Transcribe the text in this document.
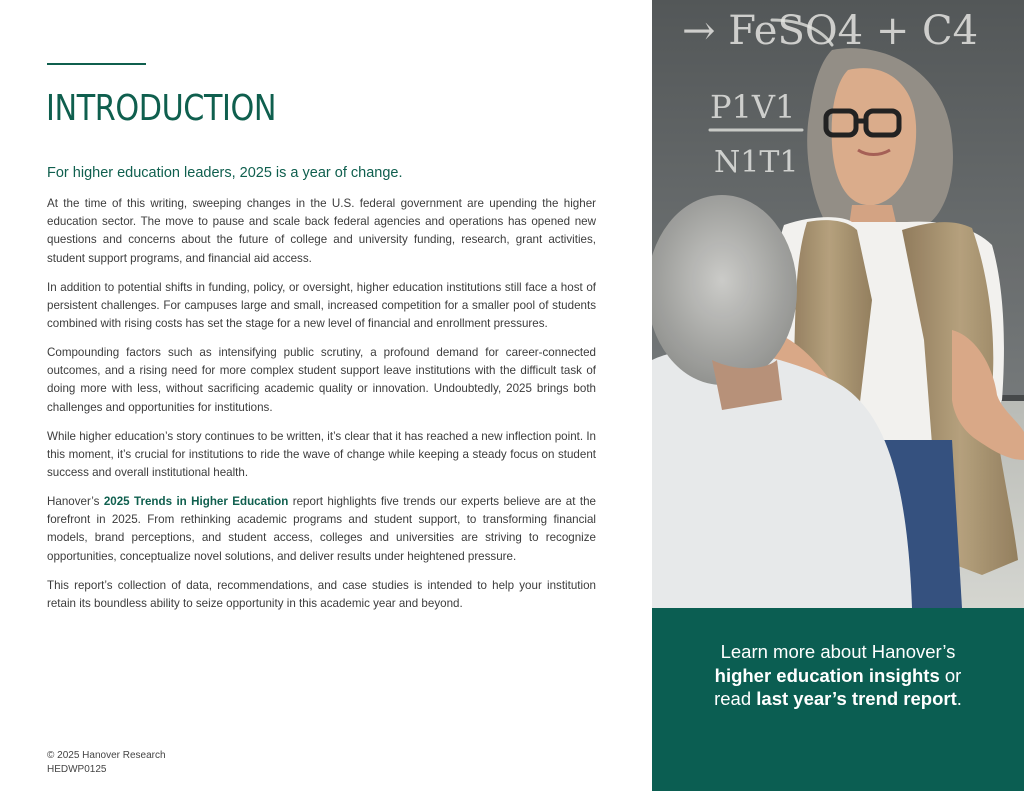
INTRODUCTION

For higher education leaders, 2025 is a year of change.

At the time of this writing, sweeping changes in the U.S. federal government are upending the higher education sector. The move to pause and scale back federal agencies and operations has opened new questions and concerns about the future of college and university funding, research, grant activities, student support programs, and financial aid access.

In addition to potential shifts in funding, policy, or oversight, higher education institutions still face a host of persistent challenges. For campuses large and small, increased competition for a smaller pool of students combined with rising costs has set the stage for a new level of financial and enrollment pressures.

Compounding factors such as intensifying public scrutiny, a profound demand for career-connected outcomes, and a rising need for more complex student support leave institutions with the difficult task of doing more with less, without sacrificing academic quality or innovation. Undoubtedly, 2025 brings both challenges and opportunities for institutions.

While higher education’s story continues to be written, it’s clear that it has reached a new inflection point. In this moment, it’s crucial for institutions to ride the wave of change while keeping a steady focus on student success and overall institutional health.

Hanover’s 2025 Trends in Higher Education report highlights five trends our experts believe are at the forefront in 2025. From rethinking academic programs and student support, to transforming financial models, brand perceptions, and student access, colleges and universities are striving to recognize opportunities, conceptualize novel solutions, and deliver results under heightened pressure.

This report’s collection of data, recommendations, and case studies is intended to help your institution retain its boundless ability to seize opportunity in this academic year and beyond.

© 2025 Hanover Research
HEDWP0125
→ FeSO4 + C4
P1V1
N1T1
Learn more about Hanover’s
higher education insights or
read last year’s trend report.
